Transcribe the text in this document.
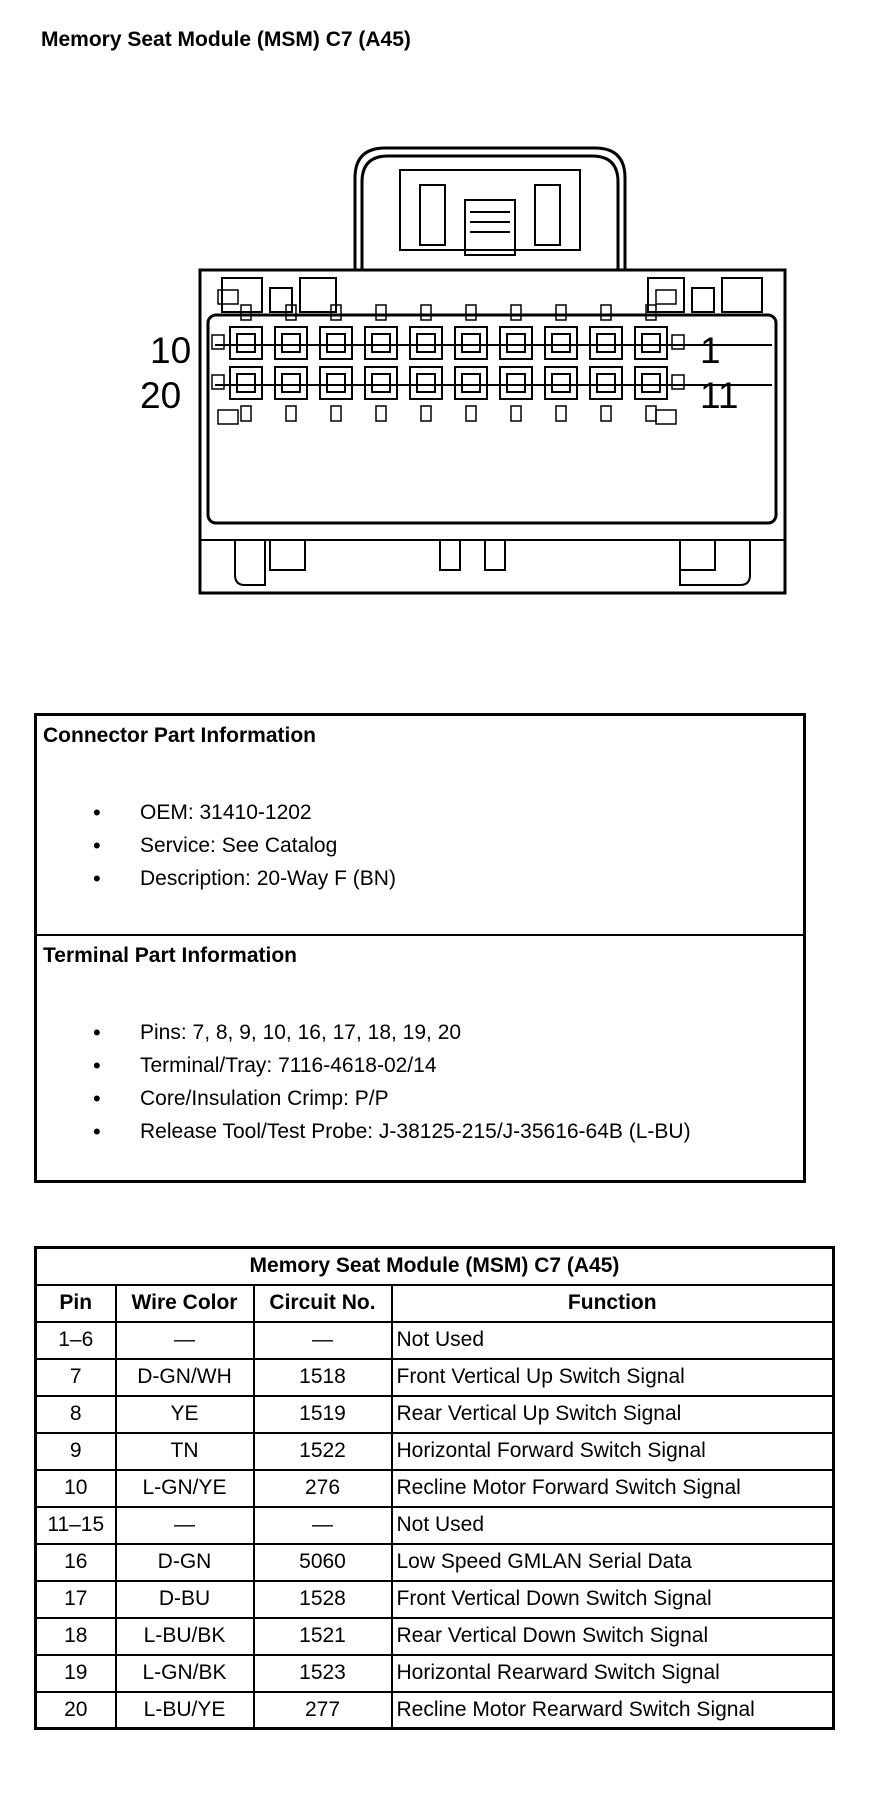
Memory Seat Module (MSM) C7 (A45)
10
20
1
11
Connector Part Information
• OEM: 31410-1202
• Service: See Catalog
• Description: 20-Way F (BN)
Terminal Part Information
• Pins: 7, 8, 9, 10, 16, 17, 18, 19, 20
• Terminal/Tray: 7116-4618-02/14
• Core/Insulation Crimp: P/P
• Release Tool/Test Probe: J-38125-215/J-35616-64B (L-BU)
Memory Seat Module (MSM) C7 (A45)			
Pin	Wire Color	Circuit No.	Function
1–6	—	—	Not Used
7	D-GN/WH	1518	Front Vertical Up Switch Signal
8	YE	1519	Rear Vertical Up Switch Signal
9	TN	1522	Horizontal Forward Switch Signal
10	L-GN/YE	276	Recline Motor Forward Switch Signal
11–15	—	—	Not Used
16	D-GN	5060	Low Speed GMLAN Serial Data
17	D-BU	1528	Front Vertical Down Switch Signal
18	L-BU/BK	1521	Rear Vertical Down Switch Signal
19	L-GN/BK	1523	Horizontal Rearward Switch Signal
20	L-BU/YE	277	Recline Motor Rearward Switch Signal
